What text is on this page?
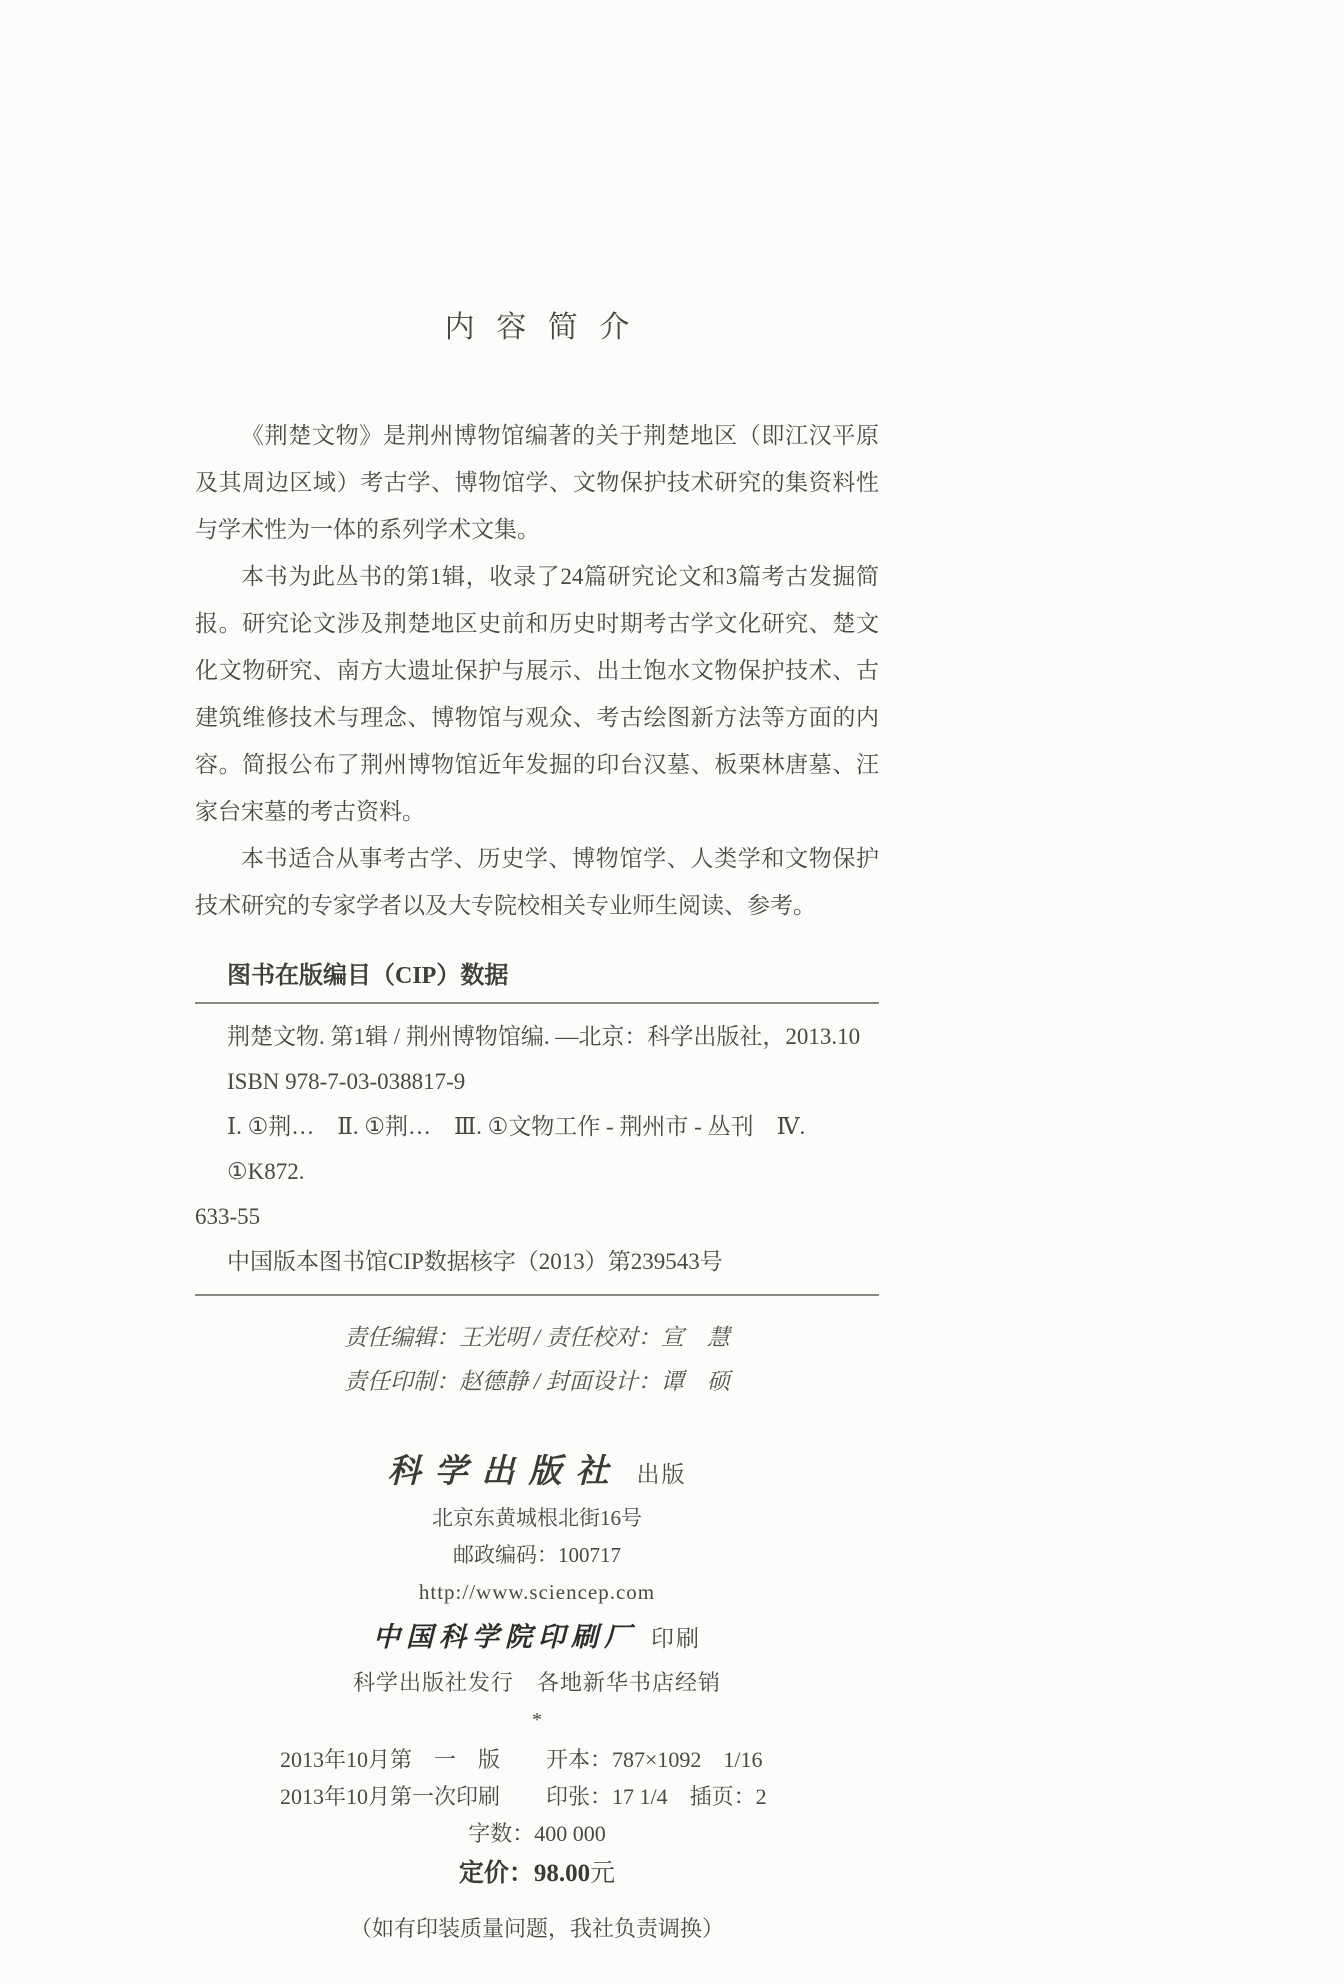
内容简介

《荆楚文物》是荆州博物馆编著的关于荆楚地区（即江汉平原及其周边区域）考古学、博物馆学、文物保护技术研究的集资料性与学术性为一体的系列学术文集。

本书为此丛书的第1辑，收录了24篇研究论文和3篇考古发掘简报。研究论文涉及荆楚地区史前和历史时期考古学文化研究、楚文化文物研究、南方大遗址保护与展示、出土饱水文物保护技术、古建筑维修技术与理念、博物馆与观众、考古绘图新方法等方面的内容。简报公布了荆州博物馆近年发掘的印台汉墓、板栗林唐墓、汪家台宋墓的考古资料。

本书适合从事考古学、历史学、博物馆学、人类学和文物保护技术研究的专家学者以及大专院校相关专业师生阅读、参考。

图书在版编目（CIP）数据
荆楚文物. 第1辑 / 荆州博物馆编. —北京：科学出版社，2013.10
ISBN 978-7-03-038817-9
Ⅰ. ①荆…　Ⅱ. ①荆…　Ⅲ. ①文物工作 - 荆州市 - 丛刊　Ⅳ. ①K872.
633-55
中国版本图书馆CIP数据核字（2013）第239543号
责任编辑：王光明 / 责任校对：宣　慧
责任印制：赵德静 / 封面设计：谭　硕
科学出版社 出版
北京东黄城根北街16号
邮政编码：100717
http://www.sciencep.com
中国科学院印刷厂 印刷
科学出版社发行　各地新华书店经销
*
2013年10月第　一　版	开本：787×1092　1/16
2013年10月第一次印刷	印张：17 1/4　插页：2
字数：400 000
定价：98.00元
（如有印装质量问题，我社负责调换）
